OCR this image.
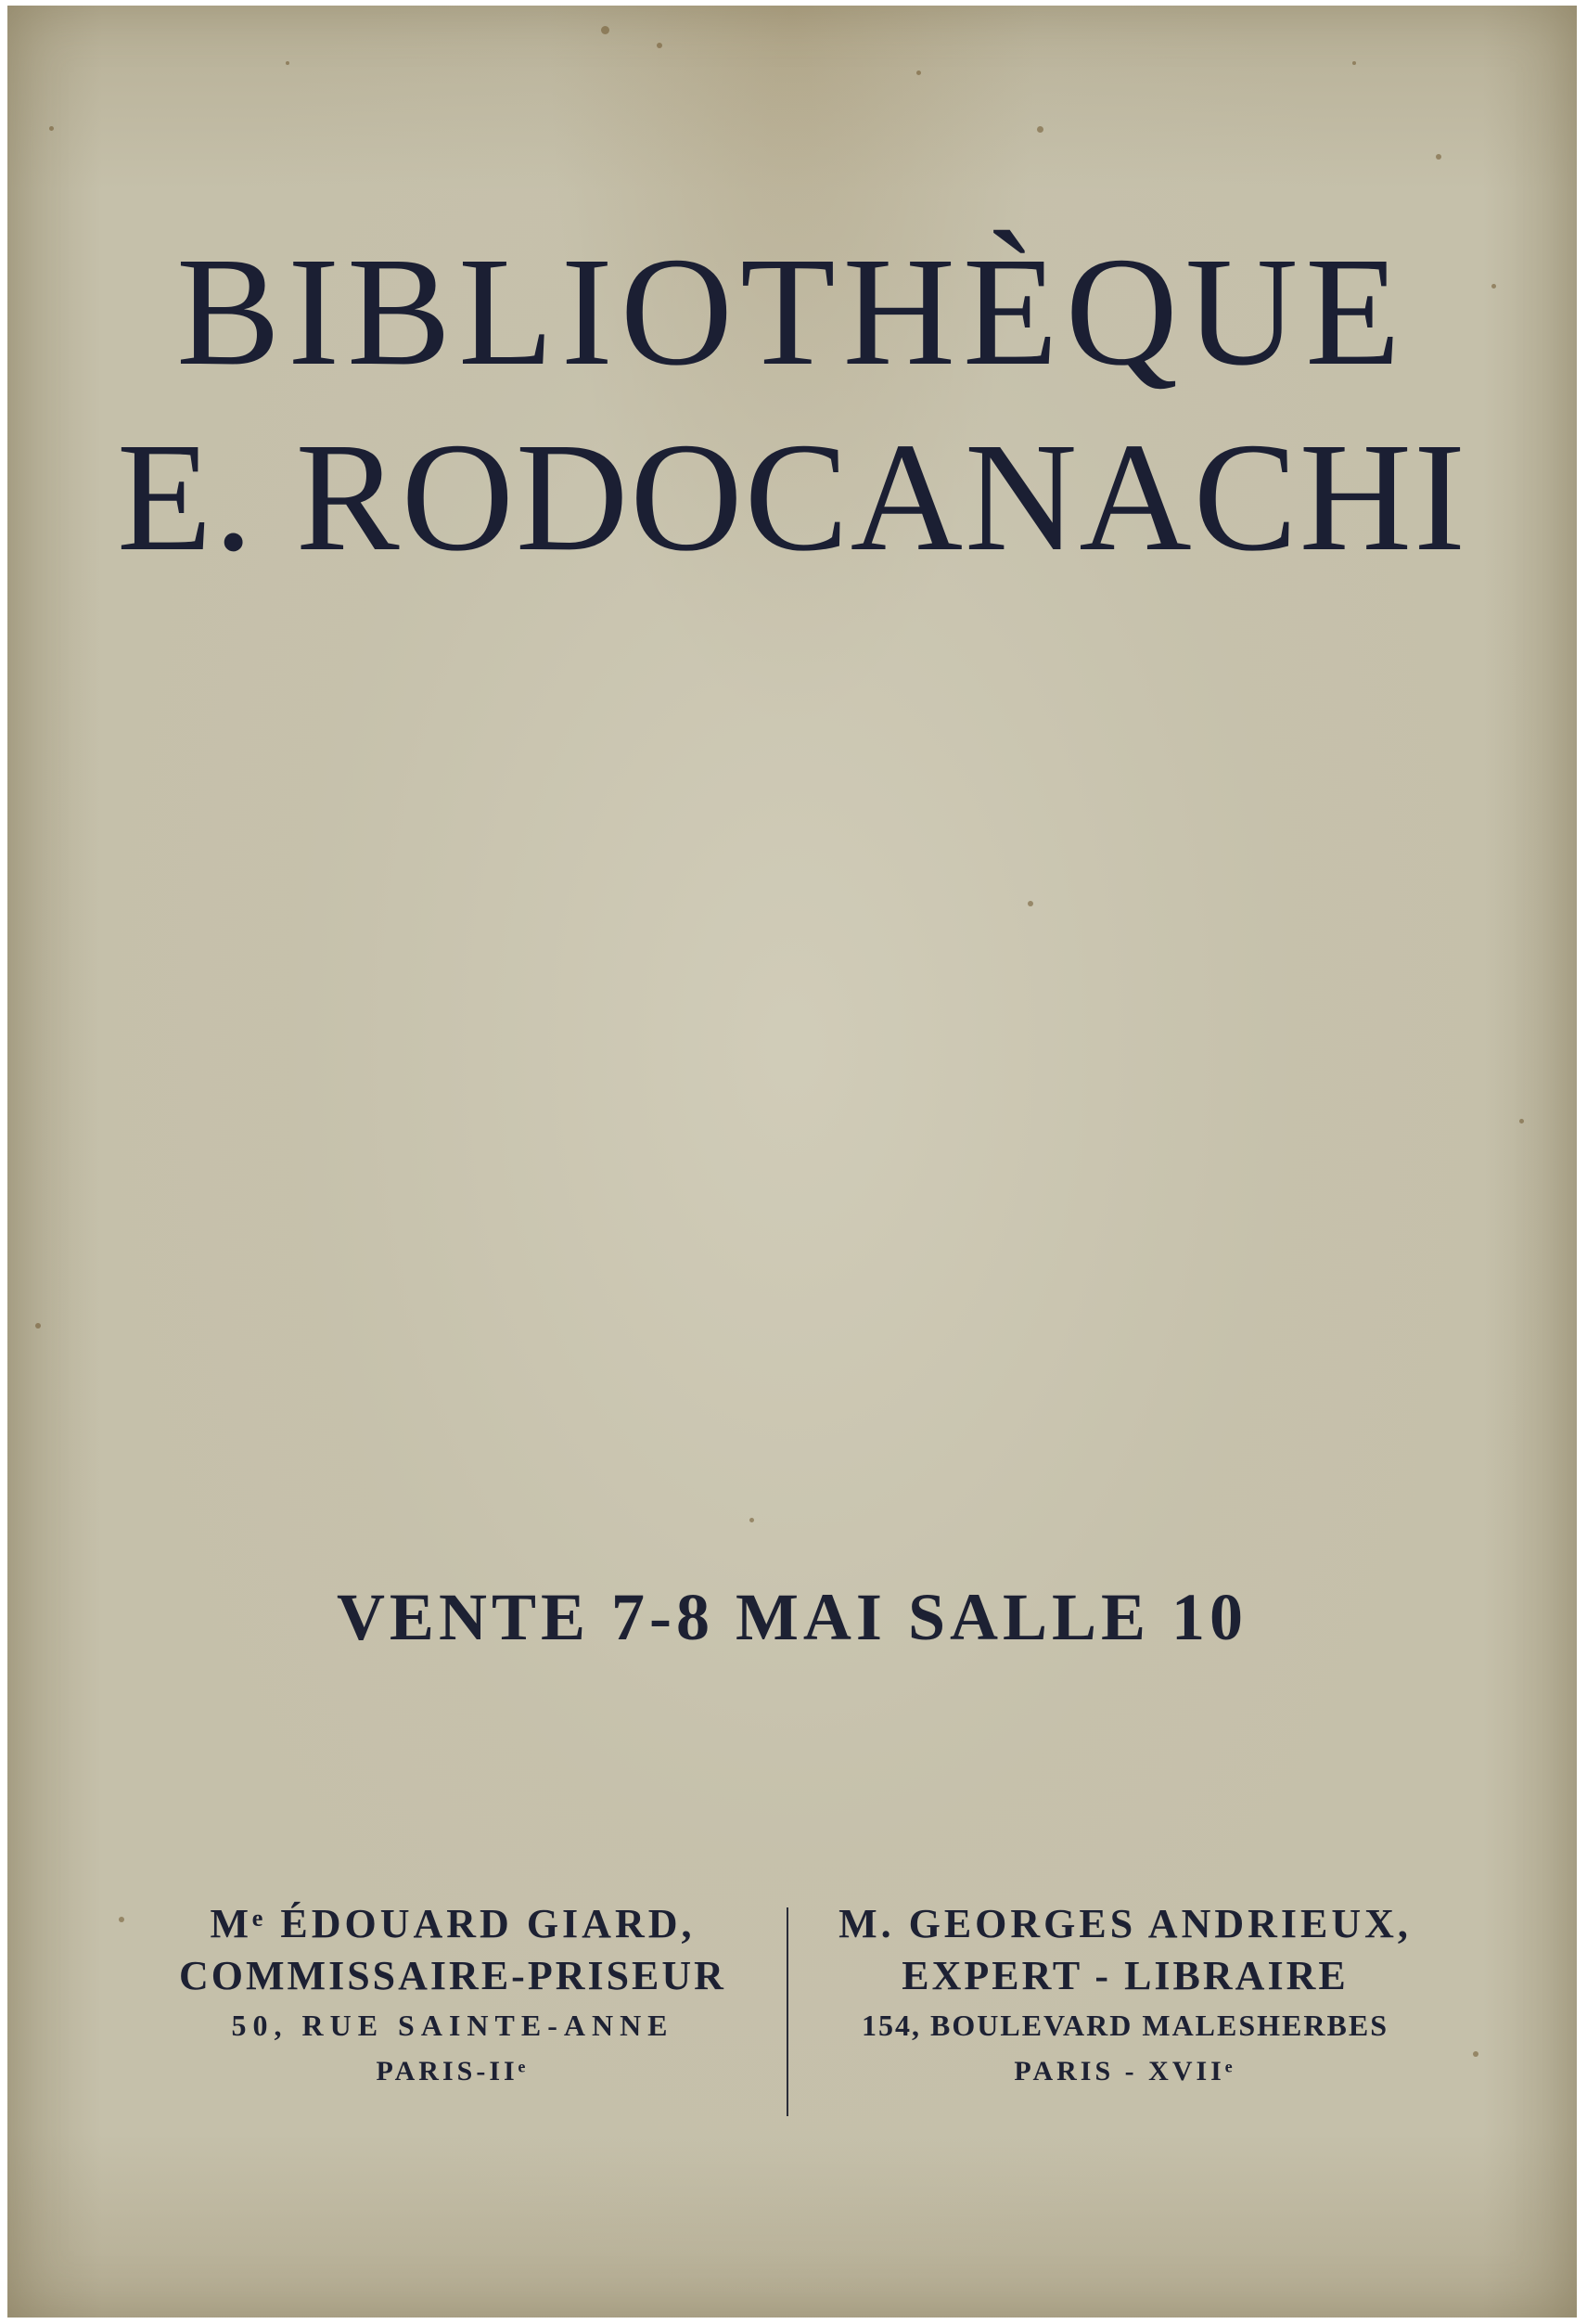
BIBLIOTHÈQUE
E. RODOCANACHI
VENTE 7-8 MAI SALLE 10
Mᵉ ÉDOUARD GIARD,
COMMISSAIRE-PRISEUR
50, RUE SAINTE-ANNE
PARIS-IIᵉ
M. GEORGES ANDRIEUX,
EXPERT - LIBRAIRE
154, BOULEVARD MALESHERBES
PARIS - XVIIᵉ
